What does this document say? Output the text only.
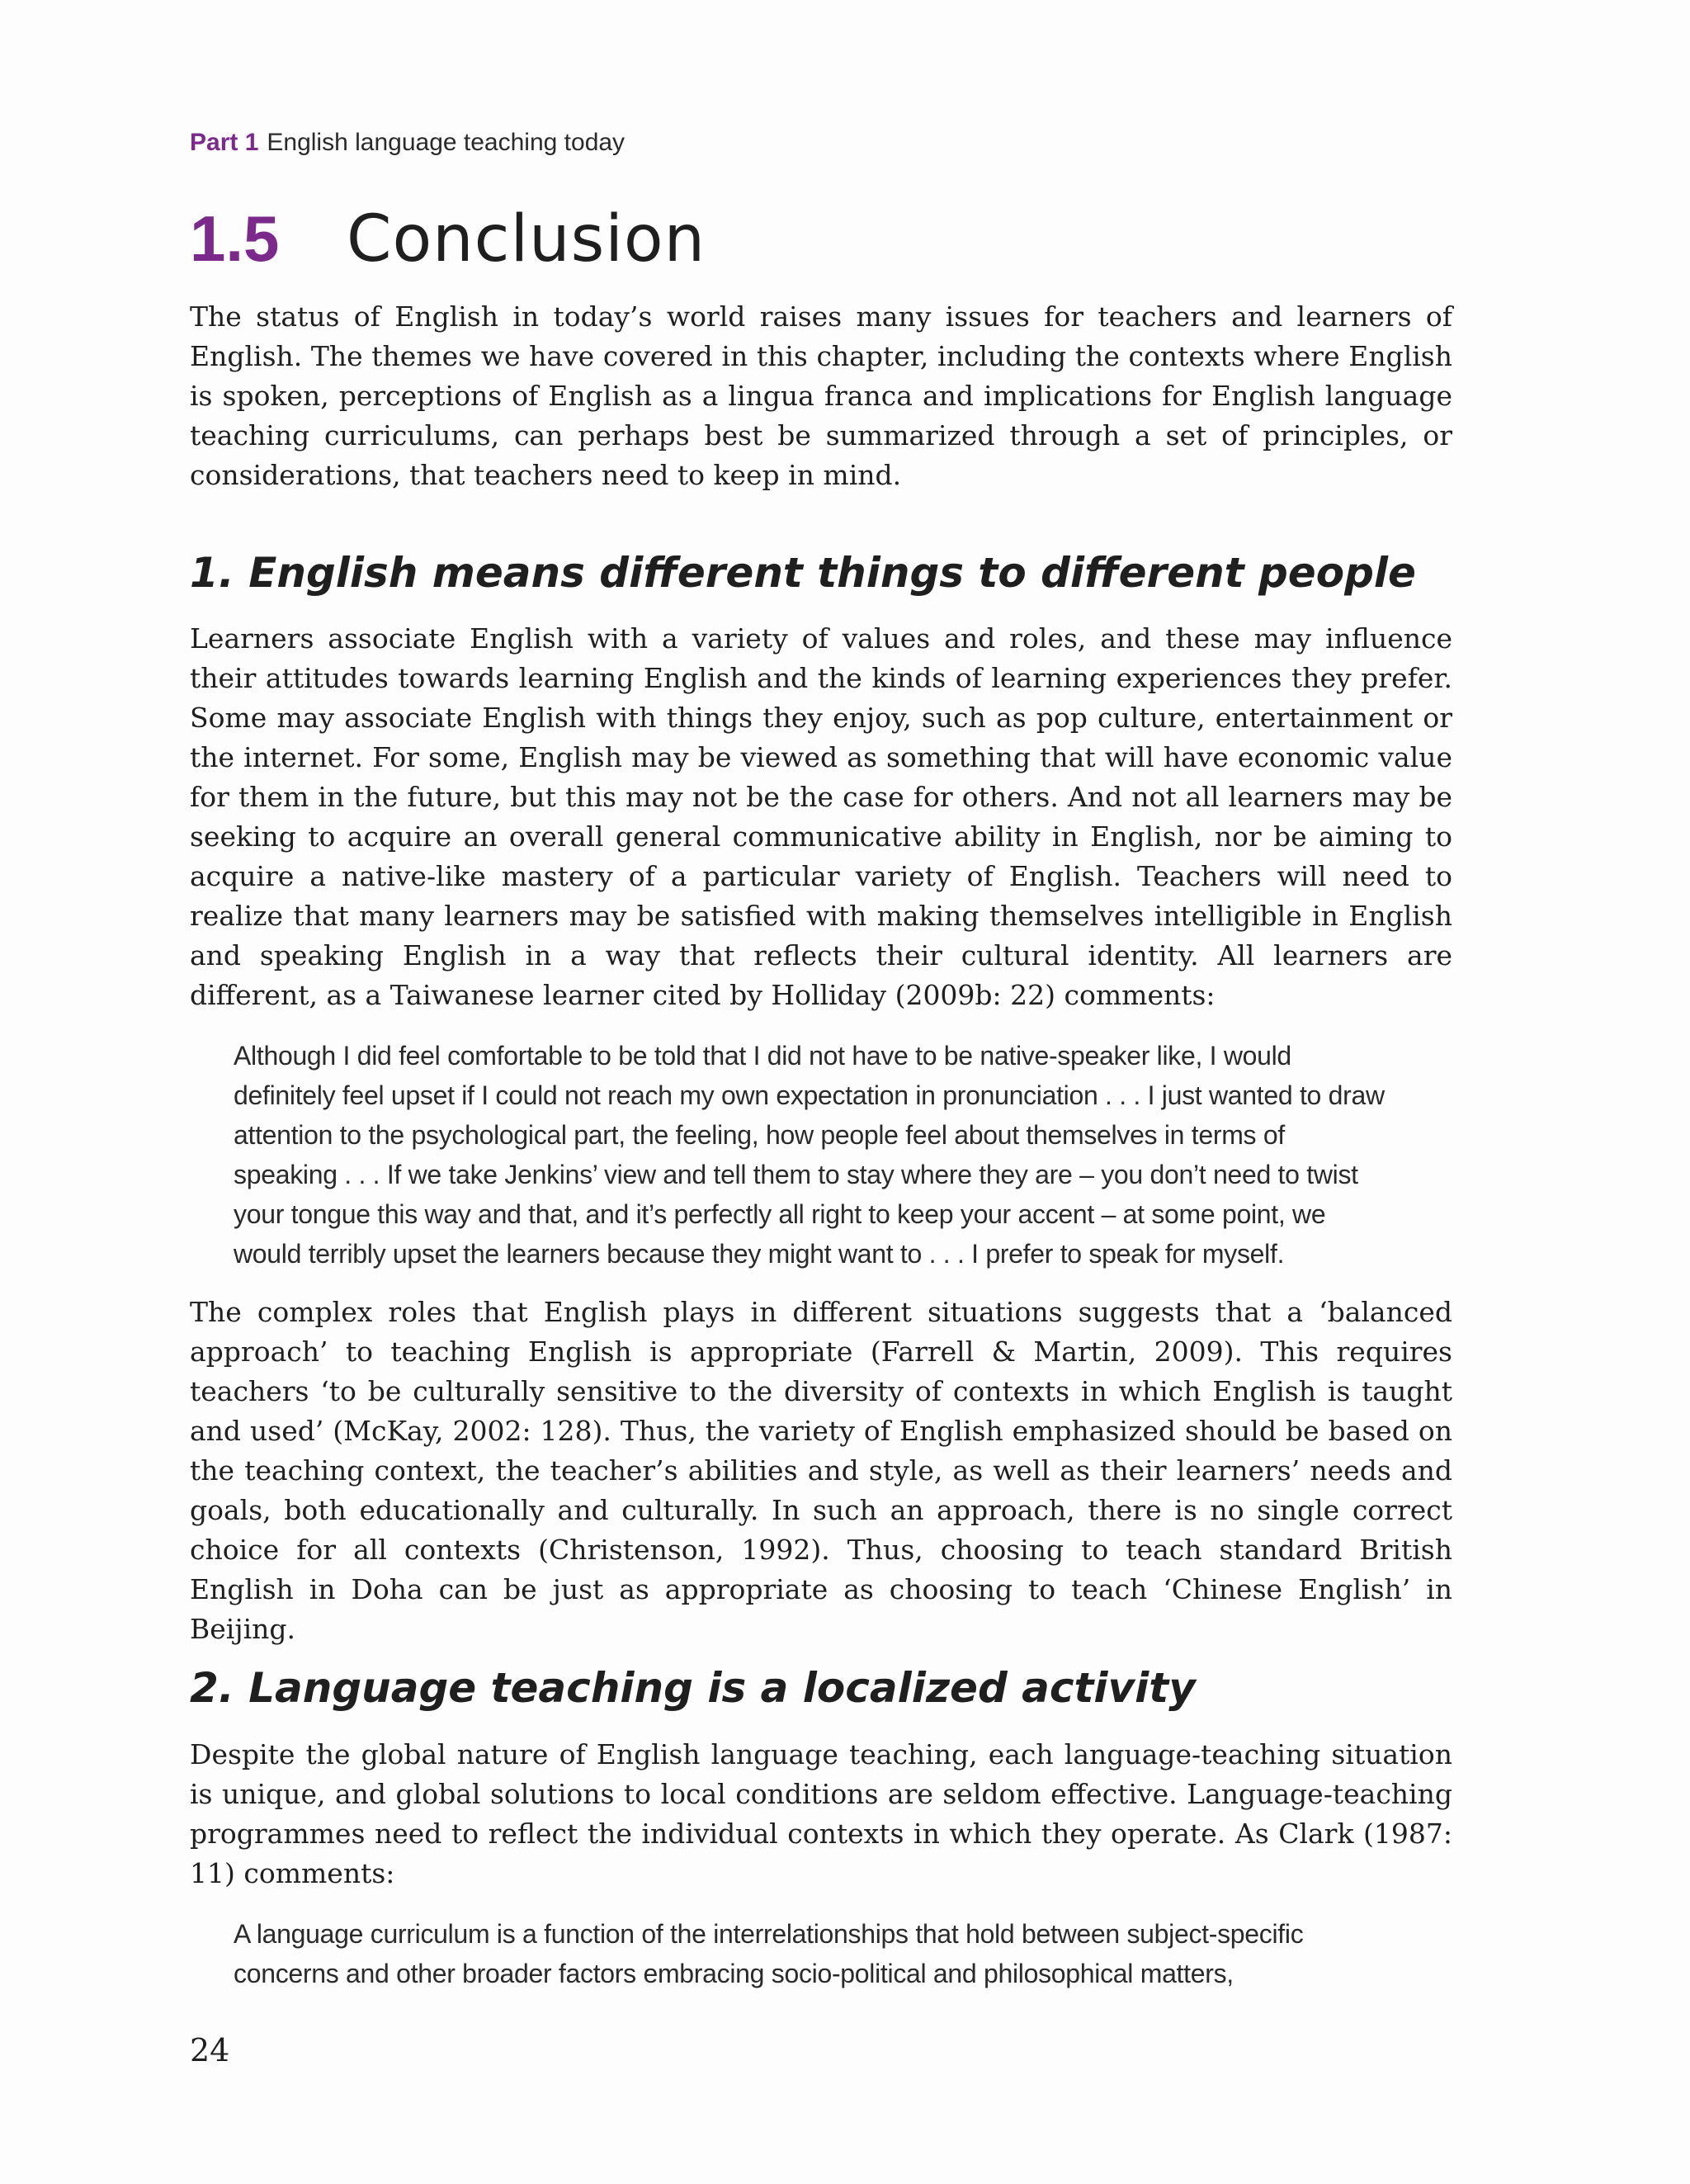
Part 1 English language teaching today
1.5 Conclusion

The status of English in today’s world raises many issues for teachers and learners of English. The themes we have covered in this chapter, including the contexts where English is spoken, perceptions of English as a lingua franca and implications for English language teaching curriculums, can perhaps best be summarized through a set of principles, or considerations, that teachers need to keep in mind.

1. English means different things to different people

Learners associate English with a variety of values and roles, and these may influence their attitudes towards learning English and the kinds of learning experiences they prefer. Some may associate English with things they enjoy, such as pop culture, entertainment or the internet. For some, English may be viewed as something that will have economic value for them in the future, but this may not be the case for others. And not all learners may be seeking to acquire an overall general communicative ability in English, nor be aiming to acquire a native-like mastery of a particular variety of English. Teachers will need to realize that many learners may be satisfied with making themselves intelligible in English and speaking English in a way that reflects their cultural identity. All learners are different, as a Taiwanese learner cited by Holliday (2009b: 22) comments:

Although I did feel comfortable to be told that I did not have to be native-speaker like, I would definitely feel upset if I could not reach my own expectation in pronunciation . . . I just wanted to draw attention to the psychological part, the feeling, how people feel about themselves in terms of speaking . . . If we take Jenkins’ view and tell them to stay where they are – you don’t need to twist your tongue this way and that, and it’s perfectly all right to keep your accent – at some point, we would terribly upset the learners because they might want to . . . I prefer to speak for myself.

The complex roles that English plays in different situations suggests that a ‘balanced approach’ to teaching English is appropriate (Farrell & Martin, 2009). This requires teachers ‘to be culturally sensitive to the diversity of contexts in which English is taught and used’ (McKay, 2002: 128). Thus, the variety of English emphasized should be based on the teaching context, the teacher’s abilities and style, as well as their learners’ needs and goals, both educationally and culturally. In such an approach, there is no single correct choice for all contexts (Christenson, 1992). Thus, choosing to teach standard British English in Doha can be just as appropriate as choosing to teach ‘Chinese English’ in Beijing.

2. Language teaching is a localized activity

Despite the global nature of English language teaching, each language-teaching situation is unique, and global solutions to local conditions are seldom effective. Language-teaching programmes need to reflect the individual contexts in which they operate. As Clark (1987: 11) comments:

A language curriculum is a function of the interrelationships that hold between subject-specific concerns and other broader factors embracing socio-political and philosophical matters,

24
